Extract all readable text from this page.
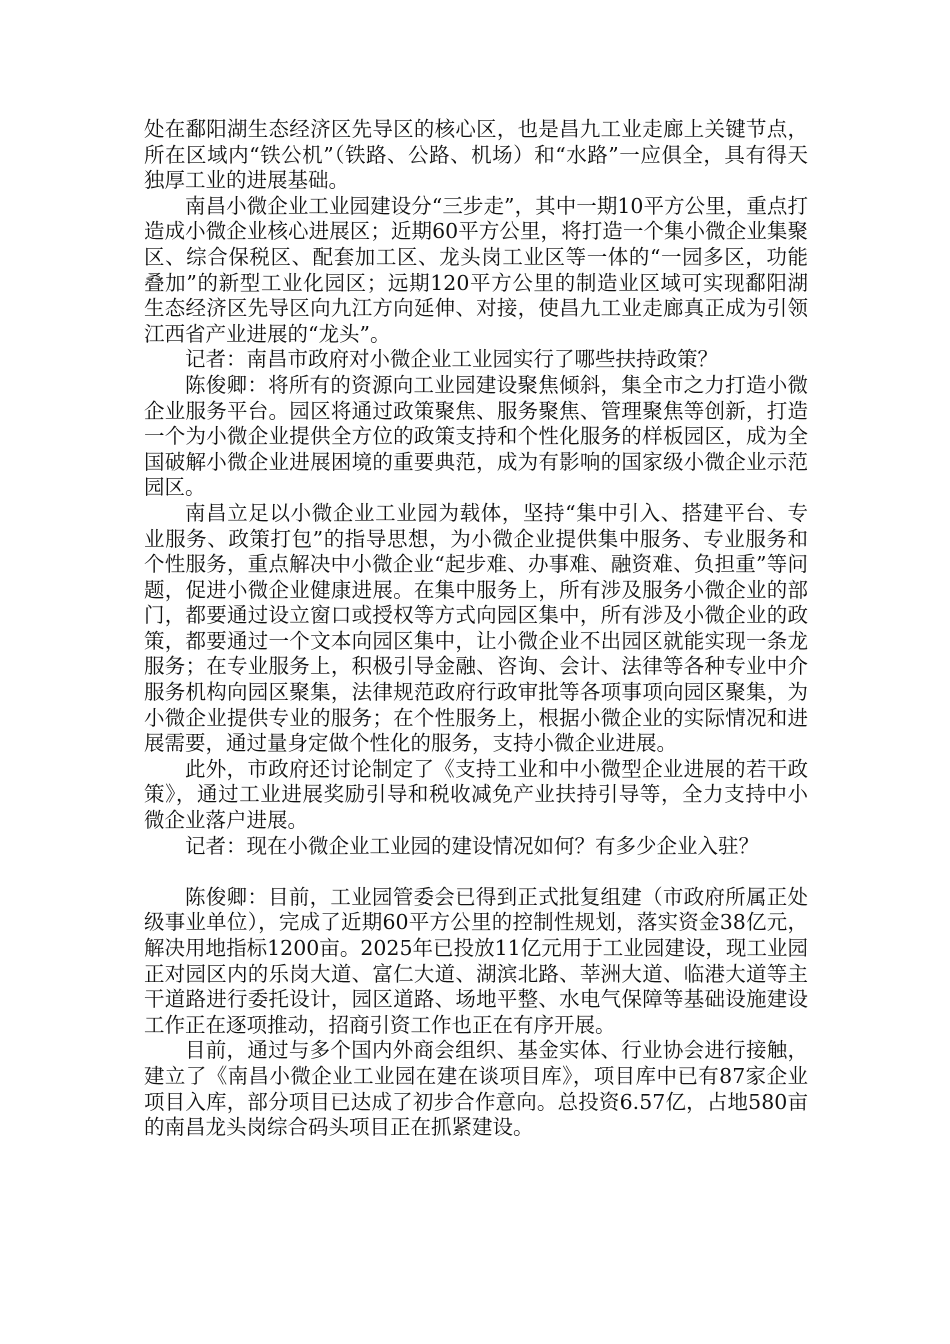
处在鄱阳湖生态经济区先导区的核心区，也是昌九工业走廊上关键节点，所在区域内“铁公机”（铁路、公路、机场）和“水路”一应俱全，具有得天独厚工业的进展基础。

南昌小微企业工业园建设分“三步走”，其中一期10平方公里，重点打造成小微企业核心进展区；近期60平方公里，将打造一个集小微企业集聚区、综合保税区、配套加工区、龙头岗工业区等一体的“一园多区，功能叠加”的新型工业化园区；远期120平方公里的制造业区域可实现鄱阳湖生态经济区先导区向九江方向延伸、对接，使昌九工业走廊真正成为引领江西省产业进展的“龙头”。

记者：南昌市政府对小微企业工业园实行了哪些扶持政策？

陈俊卿：将所有的资源向工业园建设聚焦倾斜，集全市之力打造小微企业服务平台。园区将通过政策聚焦、服务聚焦、管理聚焦等创新，打造一个为小微企业提供全方位的政策支持和个性化服务的样板园区，成为全国破解小微企业进展困境的重要典范，成为有影响的国家级小微企业示范园区。

南昌立足以小微企业工业园为载体，坚持“集中引入、搭建平台、专业服务、政策打包”的指导思想，为小微企业提供集中服务、专业服务和个性服务，重点解决中小微企业“起步难、办事难、融资难、负担重”等问题，促进小微企业健康进展。在集中服务上，所有涉及服务小微企业的部门，都要通过设立窗口或授权等方式向园区集中，所有涉及小微企业的政策，都要通过一个文本向园区集中，让小微企业不出园区就能实现一条龙服务；在专业服务上，积极引导金融、咨询、会计、法律等各种专业中介服务机构向园区聚集，法律规范政府行政审批等各项事项向园区聚集，为小微企业提供专业的服务；在个性服务上，根据小微企业的实际情况和进展需要，通过量身定做个性化的服务，支持小微企业进展。

此外，市政府还讨论制定了《支持工业和中小微型企业进展的若干政策》，通过工业进展奖励引导和税收减免产业扶持引导等，全力支持中小微企业落户进展。

记者：现在小微企业工业园的建设情况如何？有多少企业入驻？

陈俊卿：目前，工业园管委会已得到正式批复组建（市政府所属正处级事业单位），完成了近期60平方公里的控制性规划，落实资金38亿元，解决用地指标1200亩。2025年已投放11亿元用于工业园建设，现工业园正对园区内的乐岗大道、富仁大道、湖滨北路、莘洲大道、临港大道等主干道路进行委托设计，园区道路、场地平整、水电气保障等基础设施建设工作正在逐项推动，招商引资工作也正在有序开展。

目前，通过与多个国内外商会组织、基金实体、行业协会进行接触，建立了《南昌小微企业工业园在建在谈项目库》，项目库中已有87家企业项目入库，部分项目已达成了初步合作意向。总投资6.57亿，占地580亩的南昌龙头岗综合码头项目正在抓紧建设。
